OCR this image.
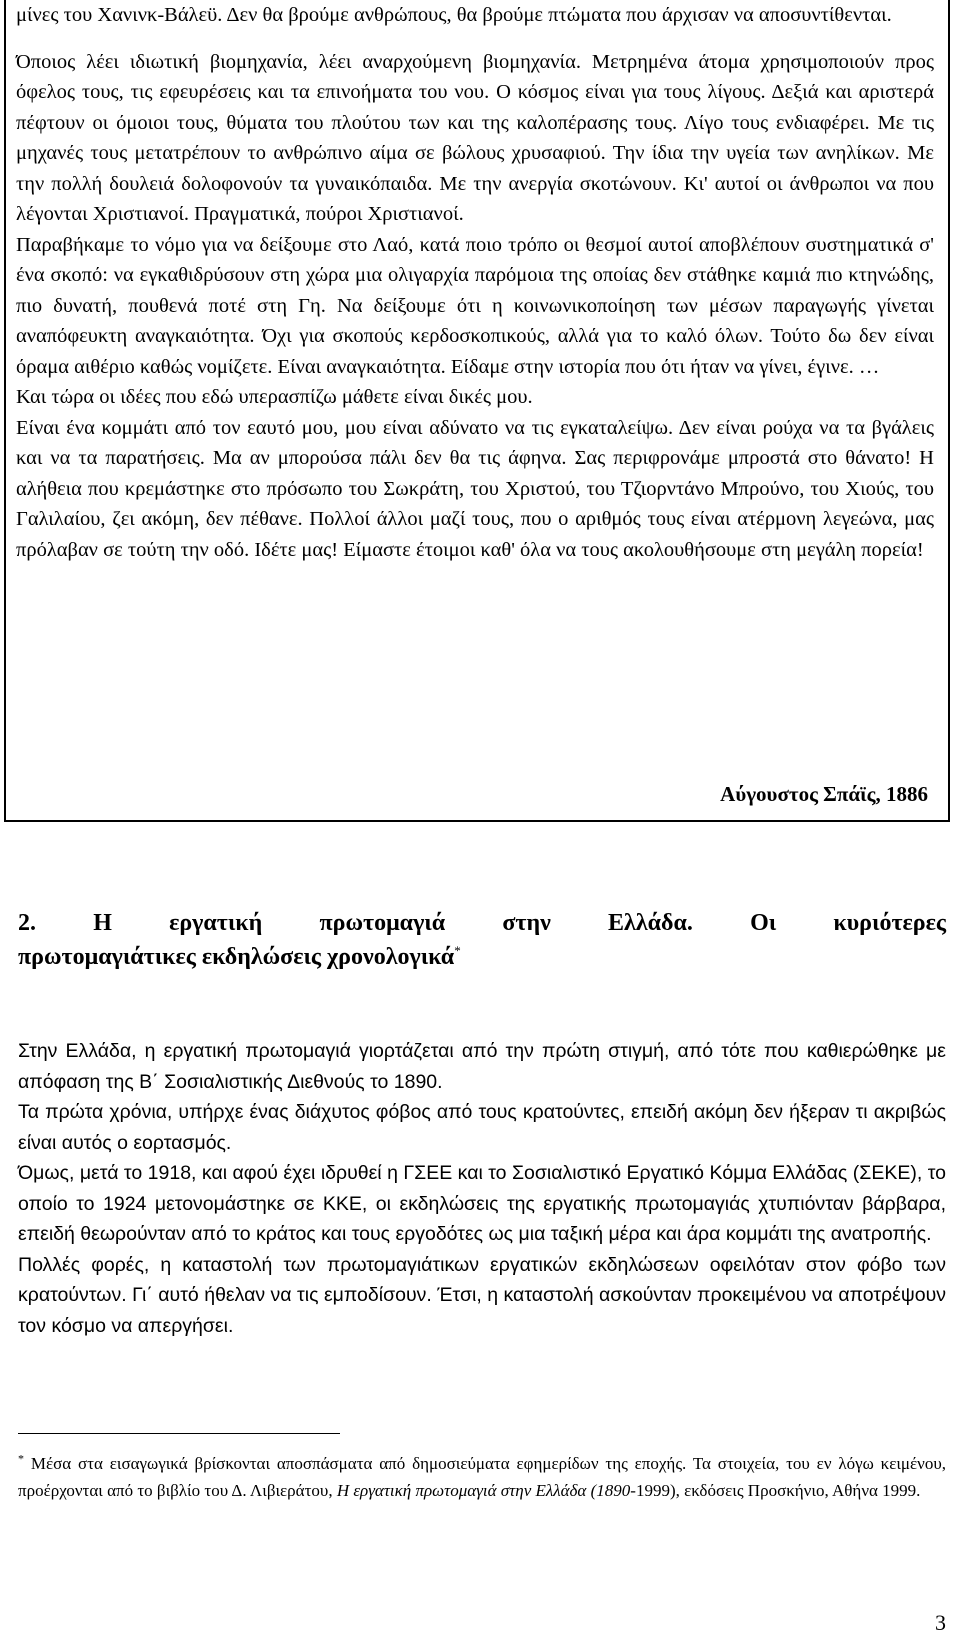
μίνες του Χανινκ-Βάλεϋ. Δεν θα βρούμε ανθρώπους, θα βρούμε πτώματα που άρχισαν να αποσυντίθενται.

Όποιος λέει ιδιωτική βιομηχανία, λέει αναρχούμενη βιομηχανία. Μετρημένα άτομα χρησιμοποιούν προς όφελος τους, τις εφευρέσεις και τα επινοήματα του νου. Ο κόσμος είναι για τους λίγους. Δεξιά και αριστερά πέφτουν οι όμοιοι τους, θύματα του πλούτου των και της καλοπέρασης τους. Λίγο τους ενδιαφέρει. Με τις μηχανές τους μετατρέπουν το ανθρώπινο αίμα σε βώλους χρυσαφιού. Την ίδια την υγεία των ανηλίκων. Με την πολλή δουλειά δολοφονούν τα γυναικόπαιδα. Με την ανεργία σκοτώνουν. Κι' αυτοί οι άνθρωποι να που λέγονται Χριστιανοί. Πραγματικά, πούροι Χριστιανοί.

Παραβήκαμε το νόμο για να δείξουμε στο Λαό, κατά ποιο τρόπο οι θεσμοί αυτοί αποβλέπουν συστηματικά σ' ένα σκοπό: να εγκαθιδρύσουν στη χώρα μια ολιγαρχία παρόμοια της οποίας δεν στάθηκε καμιά πιο κτηνώδης, πιο δυνατή, πουθενά ποτέ στη Γη. Να δείξουμε ότι η κοινωνικοποίηση των μέσων παραγωγής γίνεται αναπόφευκτη αναγκαιότητα. Όχι για σκοπούς κερδοσκοπικούς, αλλά για το καλό όλων. Τούτο δω δεν είναι όραμα αιθέριο καθώς νομίζετε. Είναι αναγκαιότητα. Είδαμε στην ιστορία που ότι ήταν να γίνει, έγινε. …

Και τώρα οι ιδέες που εδώ υπερασπίζω μάθετε είναι δικές μου.

Είναι ένα κομμάτι από τον εαυτό μου, μου είναι αδύνατο να τις εγκαταλείψω. Δεν είναι ρούχα να τα βγάλεις και να τα παρατήσεις. Μα αν μπορούσα πάλι δεν θα τις άφηνα. Σας περιφρονάμε μπροστά στο θάνατο! Η αλήθεια που κρεμάστηκε στο πρόσωπο του Σωκράτη, του Χριστού, του Τζιορντάνο Μπρούνο, του Χιούς, του Γαλιλαίου, ζει ακόμη, δεν πέθανε. Πολλοί άλλοι μαζί τους, που ο αριθμός τους είναι ατέρμονη λεγεώνα, μας πρόλαβαν σε τούτη την οδό. Ιδέτε μας! Είμαστε έτοιμοι καθ' όλα να τους ακολουθήσουμε στη μεγάλη πορεία!

Αύγουστος Σπάϊς, 1886
2. Η εργατική πρωτομαγιά στην Ελλάδα. Οι κυριότερες
πρωτομαγιάτικες εκδηλώσεις χρονολογικά*

Στην Ελλάδα, η εργατική πρωτομαγιά γιορτάζεται από την πρώτη στιγμή, από τότε που καθιερώθηκε με απόφαση της Β΄ Σοσιαλιστικής Διεθνούς το 1890.

Τα πρώτα χρόνια, υπήρχε ένας διάχυτος φόβος από τους κρατούντες, επειδή ακόμη δεν ήξεραν τι ακριβώς είναι αυτός ο εορτασμός.

Όμως, μετά το 1918, και αφού έχει ιδρυθεί η ΓΣΕΕ και το Σοσιαλιστικό Εργατικό Κόμμα Ελλάδας (ΣΕΚΕ), το οποίο το 1924 μετονομάστηκε σε ΚΚΕ, οι εκδηλώσεις της εργατικής πρωτομαγιάς χτυπιόνταν βάρβαρα, επειδή θεωρούνταν από το κράτος και τους εργοδότες ως μια ταξική μέρα και άρα κομμάτι της ανατροπής.

Πολλές φορές, η καταστολή των πρωτομαγιάτικων εργατικών εκδηλώσεων οφειλόταν στον φόβο των κρατούντων. Γι΄ αυτό ήθελαν να τις εμποδίσουν. Έτσι, η καταστολή ασκούνταν προκειμένου να αποτρέψουν τον κόσμο να απεργήσει.

* Μέσα στα εισαγωγικά βρίσκονται αποσπάσματα από δημοσιεύματα εφημερίδων της εποχής. Τα στοιχεία, του εν λόγω κειμένου, προέρχονται από το βιβλίο του Δ. Λιβιεράτου, Η εργατική πρωτομαγιά στην Ελλάδα (1890-1999), εκδόσεις Προσκήνιο, Αθήνα 1999.
3
